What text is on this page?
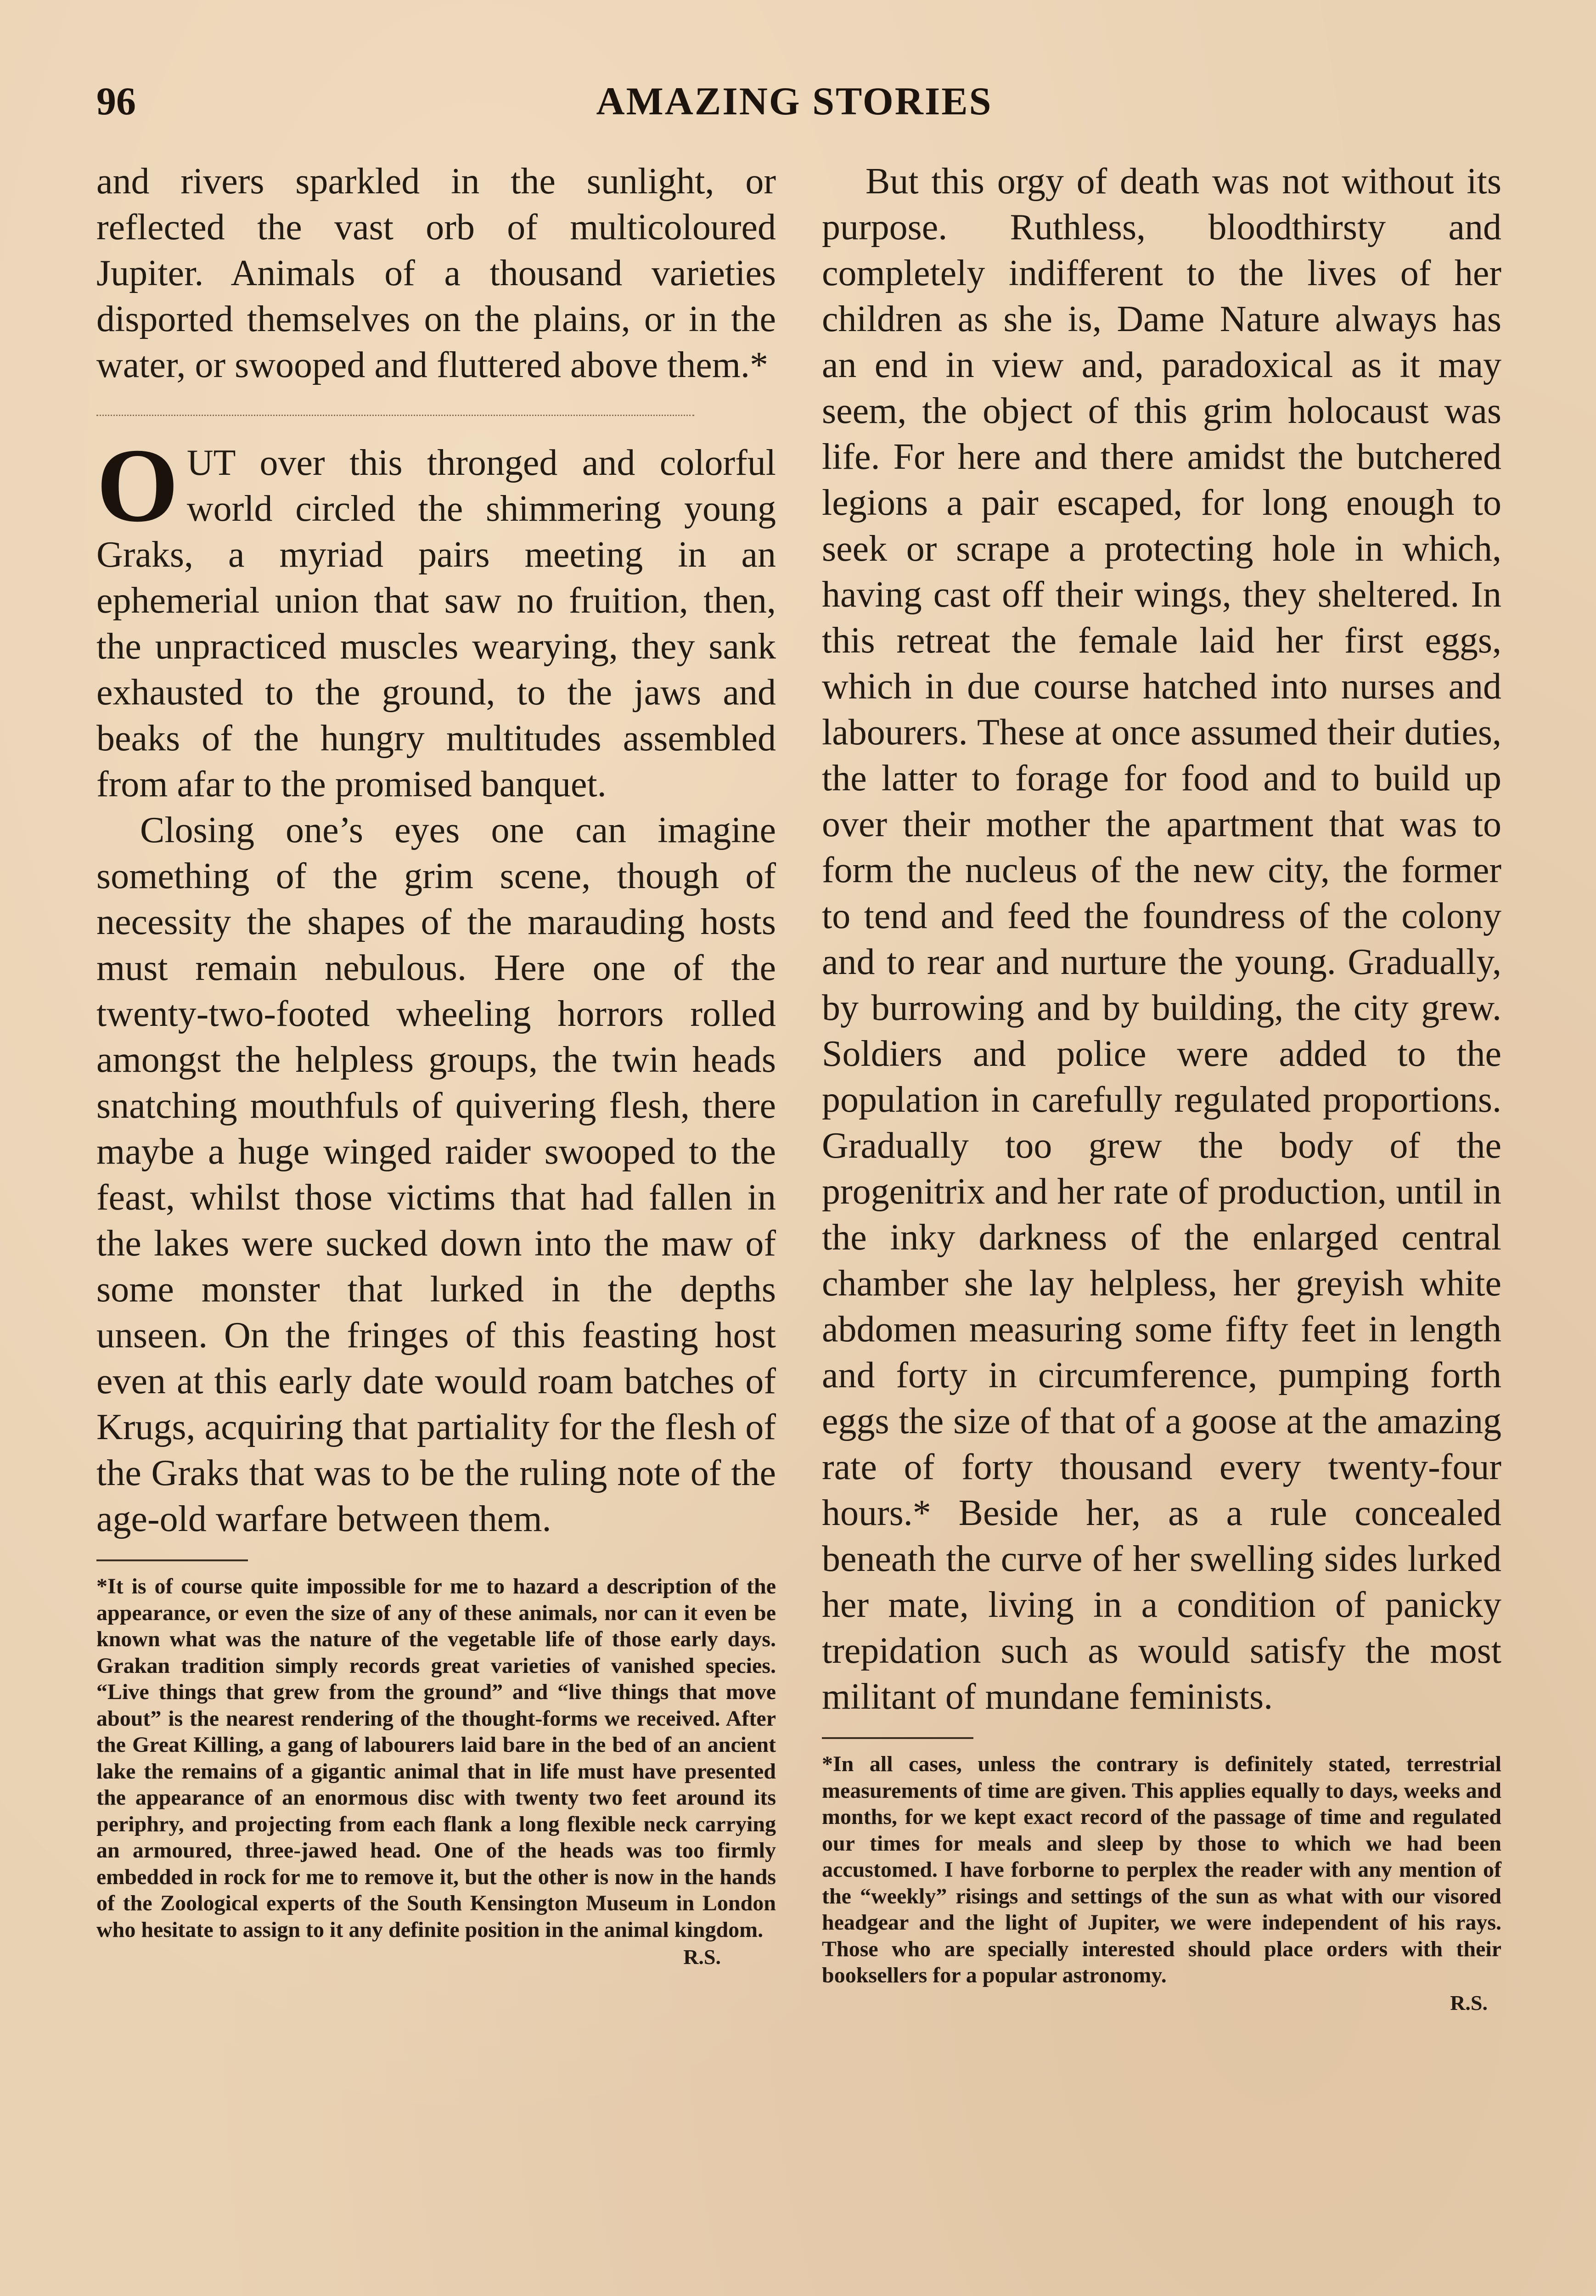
96	AMAZING STORIES

and rivers sparkled in the sunlight, or reflected the vast orb of multicoloured Jupiter. Animals of a thousand varieties disported themselves on the plains, or in the water, or swooped and fluttered above them.*

OUT over this thronged and colorful world circled the shimmering young Graks, a myriad pairs meeting in an ephemerial union that saw no fruition, then, the unpracticed muscles wearying, they sank exhausted to the ground, to the jaws and beaks of the hungry multitudes assembled from afar to the promised banquet.

Closing one’s eyes one can imagine something of the grim scene, though of necessity the shapes of the marauding hosts must remain nebulous. Here one of the twenty-two-footed wheeling horrors rolled amongst the helpless groups, the twin heads snatching mouthfuls of quivering flesh, there maybe a huge winged raider swooped to the feast, whilst those victims that had fallen in the lakes were sucked down into the maw of some monster that lurked in the depths unseen. On the fringes of this feasting host even at this early date would roam batches of Krugs, acquiring that partiality for the flesh of the Graks that was to be the ruling note of the age-old warfare between them.

*It is of course quite impossible for me to hazard a description of the appearance, or even the size of any of these animals, nor can it even be known what was the nature of the vegetable life of those early days. Grakan tradition simply records great varieties of vanished species. “Live things that grew from the ground” and “live things that move about” is the nearest rendering of the thought-forms we received. After the Great Killing, a gang of labourers laid bare in the bed of an ancient lake the remains of a gigantic animal that in life must have presented the appearance of an enormous disc with twenty two feet around its periphry, and projecting from each flank a long flexible neck carrying an armoured, three-jawed head. One of the heads was too firmly embedded in rock for me to remove it, but the other is now in the hands of the Zoological experts of the South Kensington Museum in London who hesitate to assign to it any definite position in the animal kingdom.

R.S.

But this orgy of death was not without its purpose. Ruthless, bloodthirsty and completely indifferent to the lives of her children as she is, Dame Nature always has an end in view and, paradoxical as it may seem, the object of this grim holocaust was life. For here and there amidst the butchered legions a pair escaped, for long enough to seek or scrape a protecting hole in which, having cast off their wings, they sheltered. In this retreat the female laid her first eggs, which in due course hatched into nurses and labourers. These at once assumed their duties, the latter to forage for food and to build up over their mother the apartment that was to form the nucleus of the new city, the former to tend and feed the foundress of the colony and to rear and nurture the young. Gradually, by burrowing and by building, the city grew. Soldiers and police were added to the population in carefully regulated proportions. Gradually too grew the body of the progenitrix and her rate of production, until in the inky darkness of the enlarged central chamber she lay helpless, her greyish white abdomen measuring some fifty feet in length and forty in circumference, pumping forth eggs the size of that of a goose at the amazing rate of forty thousand every twenty-four hours.* Beside her, as a rule concealed beneath the curve of her swelling sides lurked her mate, living in a condition of panicky trepidation such as would satisfy the most militant of mundane feminists.

*In all cases, unless the contrary is definitely stated, terrestrial measurements of time are given. This applies equally to days, weeks and months, for we kept exact record of the passage of time and regulated our times for meals and sleep by those to which we had been accustomed. I have forborne to perplex the reader with any mention of the “weekly” risings and settings of the sun as what with our visored headgear and the light of Jupiter, we were independent of his rays. Those who are specially interested should place orders with their booksellers for a popular astronomy.

R.S.
